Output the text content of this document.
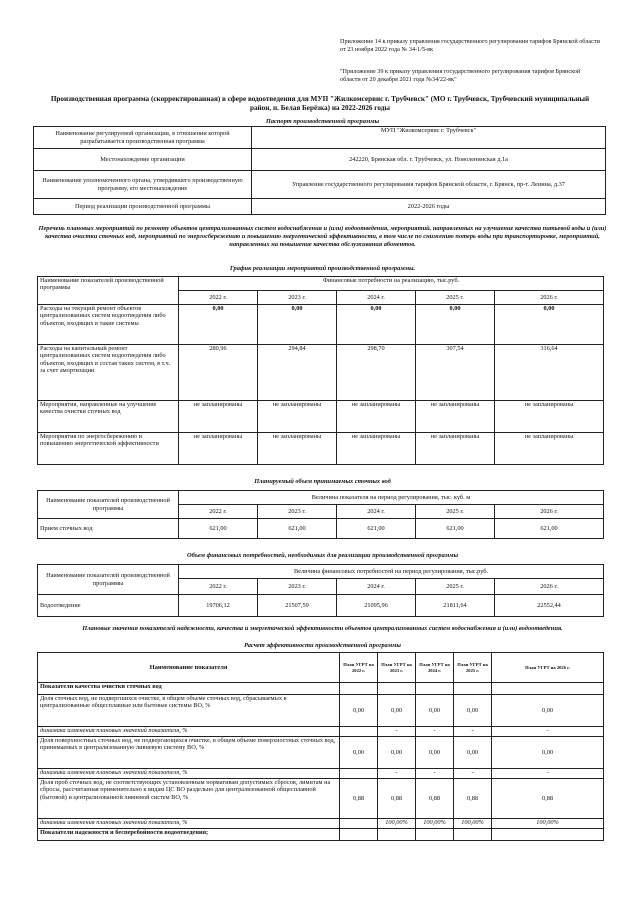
Приложение 14 к приказу управления государственного регулирования тарифов Брянской области от 23 ноября 2022 года № 34-1/5-вк
"Приложение 39 к приказу управления государственного регулирования тарифов Брянской области от 20 декабря 2021 года №34/22-вк"
Производственная программа (скорректированная) в сфере водоотведения для МУП "Жилкомсервис г. Трубчевск" (МО г. Трубчевск, Трубчевский муниципальный район, п. Белая Берёзка) на 2022-2026 годы
Паспорт производственной программы
Наименование регулируемой организации, в отношении которой разрабатывается производственная программа	МУП "Жилкомсервис г. Трубчевск"
Местонахождение организации	242220, Брянская обл. г. Трубчевск, ул. Новоленинская д.1а
Наименование уполномоченного органа, утвердившего производственную программу, его местонахождение	Управление государственного регулирования тарифов Брянской области, г. Брянск, пр-т. Ленина, д.37
Период реализации производственной программы	2022-2026 годы
Перечень плановых мероприятий по ремонту объектов централизованных систем водоснабжения и (или) водоотведения, мероприятий, направленных на улучшение качества питьевой воды и (или) качества очистки сточных вод, мероприятий по энергосбережению и повышению энергетической эффективности, в том числе по снижению потерь воды при транспортировке, мероприятий, направленных на повышение качества обслуживания абонентов.
График реализации мероприятий производственной программы.
Наименование показателей производственной программы	Финансовые потребности на реализацию, тыс.руб.				
	2022 г.	2023 г.	2024 г.	2025 г.	2026 г.
Расходы на текущий ремонт объектов централизованных систем водоотведения либо объектов, входящих в такие системы	0,00	0,00	0,00	0,00	0,00
Расходы на капитальный ремонт централизованных систем водоотведения либо объектов, входящих в состав таких систем, в т.ч. за счет амортизации	280,96	294,84	298,70	307,54	316,64
Мероприятия, направленные на улучшение качества очистки сточных вод	не запланированы	не запланированы	не запланированы	не запланированы	не запланированы
Мероприятия по энергосбережению и повышению энергетической эффективности	не запланированы	не запланированы	не запланированы	не запланированы	не запланированы
Планируемый объем принимаемых сточных вод
Наименование показателей производственной программы	Величина показателя на период регулирования, тыс. куб. м				
	2022 г.	2023 г.	2024 г.	2025 г.	2026 г.
Прием сточных вод	621,00	621,00	621,00	621,00	621,00
Объем финансовых потребностей, необходимых для реализации производственной программы
Наименование показателей производственной программы	Величина финансовых потребностей на период регулирования, тыс.руб.				
	2022 г.	2023 г.	2024 г.	2025 г.	2026 г.
Водоотведение	19706,12	21507,59	21095,96	21811,64	22552,44
Плановые значения показателей надежности, качества и энергетической эффективности объектов централизованных систем водоснабжения и (или) водоотведения.
Расчет эффективности производственной программы
Наименование показателя	План УГРТ на 2022 г.	План УГРТ на 2023 г.	План УГРТ на 2024 г.	План УГРТ на 2025 г.	План УГРТ на 2026 г.
Показатели качества очистки сточных вод					
Доля сточных вод, не подвергшихся очистке, в общем объеме сточных вод, сбрасываемых в централизованные общесплавные или бытовые системы ВО, %	0,00	0,00	0,00	0,00	0,00
динамика изменения плановых значений показателя, %		-	-	-	-
Доля поверхностных сточных вод, не подвергающихся очистке, в общем объеме поверхностных сточных вод, принимаемых в централизованную ливневую систему ВО, %	0,00	0,00	0,00	0,00	0,00
динамика изменения плановых значений показателя, %		-	-	-	-
Доля проб сточных вод, не соответствующих установленным нормативам допустимых сбросов, лимитам на сбросы, рассчитанная применительно к видам ЦС ВО раздельно для централизованной общесплавной (бытовой) и централизованной ливневой систем ВО, %	0,88	0,88	0,88	0,88	0,88
динамика изменения плановых значений показателя, %		100,00%	100,00%	100,00%	100,00%
Показатели надежности и бесперебойности водоотведения;					
